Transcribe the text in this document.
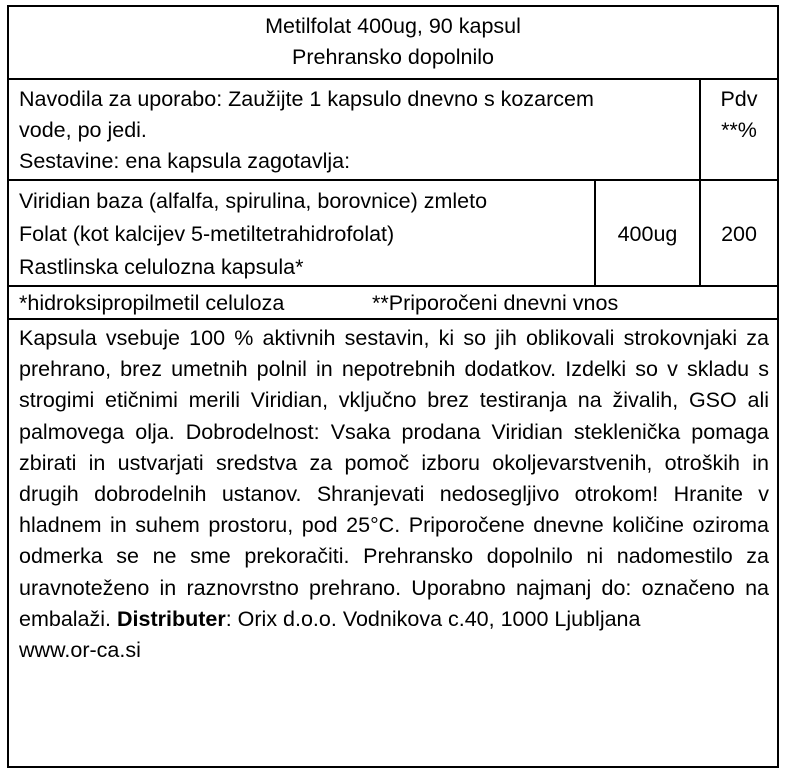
Metilfolat 400ug, 90 kapsul
Prehransko dopolnilo
Navodila za uporabo: Zaužijte 1 kapsulo dnevno s kozarcem
vode, po jedi.
Sestavine: ena kapsula zagotavlja:
Pdv
**%
Viridian baza (alfalfa, spirulina, borovnice) zmleto
Folat (kot kalcijev 5-metiltetrahidrofolat)
Rastlinska celulozna kapsula*
400ug	200
*hidroksipropilmetil celuloza	**Priporočeni dnevni vnos
Kapsula vsebuje 100 % aktivnih sestavin, ki so jih oblikovali strokovnjaki za prehrano, brez umetnih polnil in nepotrebnih dodatkov. Izdelki so v skladu s strogimi etičnimi merili Viridian, vključno brez testiranja na živalih, GSO ali palmovega olja. Dobrodelnost: Vsaka prodana Viridian stekleničkа pomaga zbirati in ustvarjati sredstva za pomoč izboru okoljevarstvenih, otroških in drugih dobrodelnih ustanov. Shranjevati nedosegljivo otrokom! Hranite v hladnem in suhem prostoru, pod 25°C. Priporočene dnevne količine oziroma odmerka se ne sme prekoračiti. Prehransko dopolnilo ni nadomestilo za uravnoteženo in raznovrstno prehrano. Uporabno najmanj do: označeno na embalaži. Distributer: Orix d.o.o. Vodnikova c.40, 1000 Ljubljana
www.or-ca.si
